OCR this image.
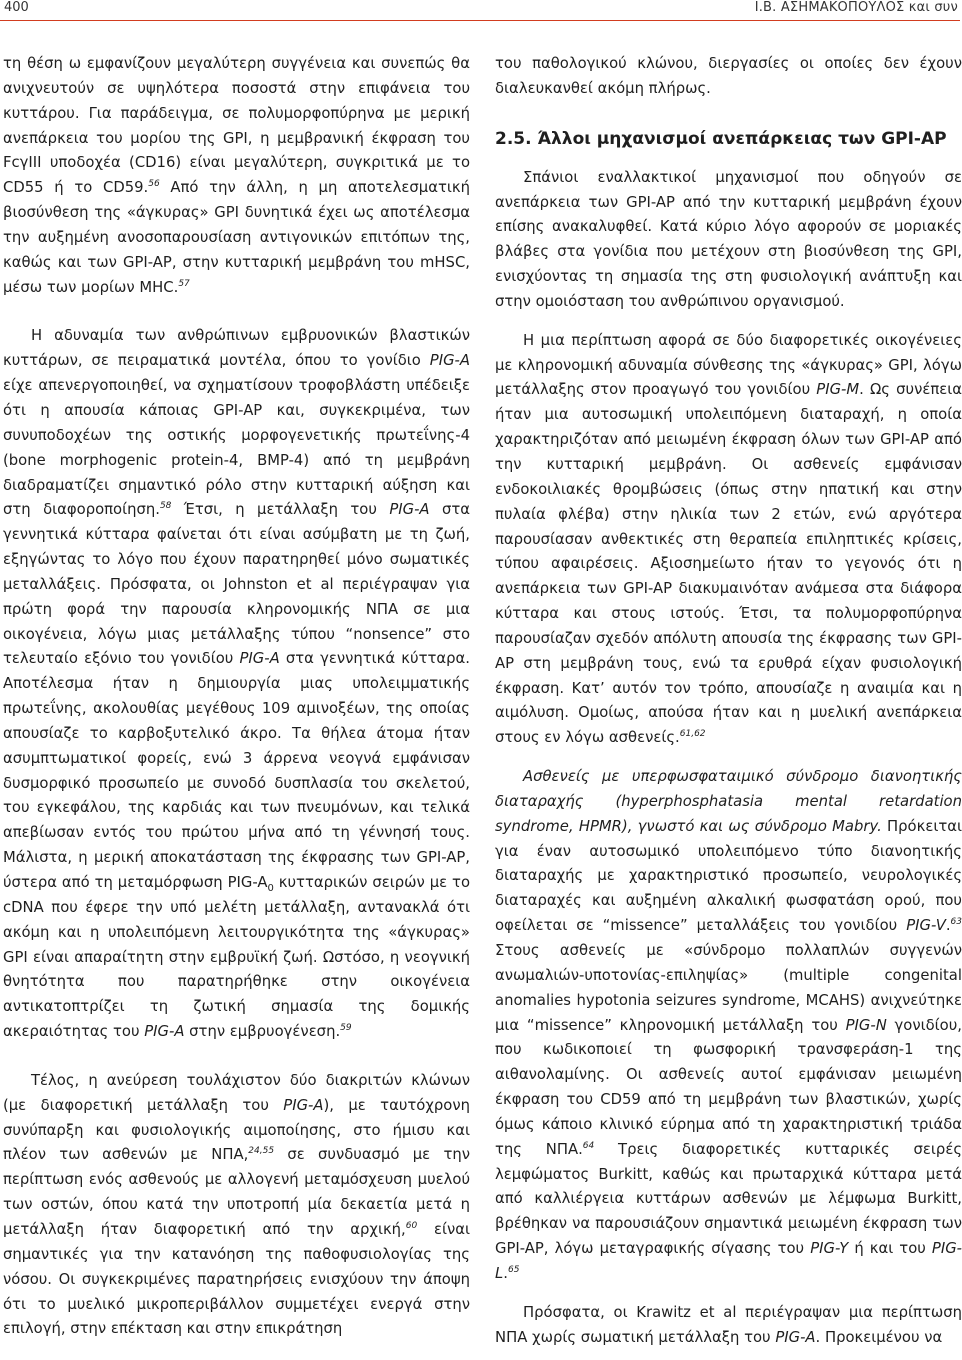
400	Ι.Β. ΑΣΗΜΑΚΟΠΟΥΛΟΣ και συν

τη θέση ω εμφανίζουν μεγαλύτερη συγγένεια και συνεπώς θα ανιχνευτούν σε υψηλότερα ποσοστά στην επιφάνεια του κυττάρου. Για παράδειγμα, σε πολυμορφοπύρηνα με μερική ανεπάρκεια του μορίου της GPI, η μεμβρανική έκφραση του FcγIII υποδοχέα (CD16) είναι μεγαλύτερη, συγκριτικά με το CD55 ή το CD59.56 Από την άλλη, η μη αποτελεσματική βιοσύνθεση της «άγκυρας» GPI δυνητικά έχει ως αποτέλεσμα την αυξημένη ανοσοπαρουσίαση αντιγονικών επιτόπων της, καθώς και των GPI-AP, στην κυτταρική μεμβράνη του mHSC, μέσω των μορίων MHC.$^{57}$

Η αδυναμία των ανθρώπινων εμβρυονικών βλαστικών κυττάρων, σε πειραματικά μοντέλα, όπου το γονίδιο PIG-A είχε απενεργοποιηθεί, να σχηματίσουν τροφοβλάστη υπέδειξε ότι η απουσία κάποιας GPI-AP και, συγκεκριμένα, των συνυποδοχέων της οστικής μορφογενετικής πρωτεΐνης-4 (bone morphogenic protein-4, BMP-4) από τη μεμβράνη διαδραματίζει σημαντικό ρόλο στην κυτταρική αύξηση και στη διαφοροποίηση.$^{58}$ Έτσι, η μετάλλαξη του PIG-A στα γεννητικά κύτταρα φαίνεται ότι είναι ασύμβατη με τη ζωή, εξηγώντας το λόγο που έχουν παρατηρηθεί μόνο σωματικές μεταλλάξεις. Πρόσφατα, οι Johnston et al περιέγραψαν για πρώτη φορά την παρουσία κληρονομικής ΝΠΑ σε μια οικογένεια, λόγω μιας μετάλλαξης τύπου “nonsence” στο τελευταίο εξόνιο του γονιδίου PIG-A στα γεννητικά κύτταρα. Αποτέλεσμα ήταν η δημιουργία μιας υπολειμματικής πρωτεΐνης, ακολουθίας μεγέθους 109 αμινοξέων, της οποίας απουσίαζε το καρβοξυτελικό άκρο. Τα θήλεα άτομα ήταν ασυμπτωματικοί φορείς, ενώ 3 άρρενα νεογνά εμφάνισαν δυσμορφικό προσωπείο με συνοδό δυσπλασία του σκελετού, του εγκεφάλου, της καρδιάς και των πνευμόνων, και τελικά απεβίωσαν εντός του πρώτου μήνα από τη γέννησή τους. Μάλιστα, η μερική αποκατάσταση της έκφρασης των GPI-AP, ύστερα από τη μεταμόρφωση PIG-$A_0$ κυτταρικών σειρών με το cDNA που έφερε την υπό μελέτη μετάλλαξη, αντανακλά ότι ακόμη και η υπολειπόμενη λειτουργικότητα της «άγκυρας» GPI είναι απαραίτητη στην εμβρυϊκή ζωή. Ωστόσο, η νεογνική θνητότητα που παρατηρήθηκε στην οικογένεια αντικατοπτρίζει τη ζωτική σημασία της δομικής ακεραιότητας του PIG-A στην εμβρυογένεση.$^{59}$

Τέλος, η ανεύρεση τουλάχιστον δύο διακριτών κλώνων (με διαφορετική μετάλλαξη του PIG-A), με ταυτόχρονη συνύπαρξη και φυσιολογικής αιμοποίησης, στο ήμισυ και πλέον των ασθενών με ΝΠΑ,$^{24,55}$ σε συνδυασμό με την περίπτωση ενός ασθενούς με αλλογενή μεταμόσχευση μυελού των οστών, όπου κατά την υποτροπή μία δεκαετία μετά η μετάλλαξη ήταν διαφορετική από την αρχική,$^{60}$ είναι σημαντικές για την κατανόηση της παθοφυσιολογίας της νόσου. Οι συγκεκριμένες παρατηρήσεις ενισχύουν την άποψη ότι το μυελικό μικροπεριβάλλον συμμετέχει ενεργά στην επιλογή, στην επέκταση και στην επικράτηση

του παθολογικού κλώνου, διεργασίες οι οποίες δεν έχουν διαλευκανθεί ακόμη πλήρως.

2.5. Άλλοι μηχανισμοί ανεπάρκειας των GPI-AP

Σπάνιοι εναλλακτικοί μηχανισμοί που οδηγούν σε ανεπάρκεια των GPI-AP από την κυτταρική μεμβράνη έχουν επίσης ανακαλυφθεί. Κατά κύριο λόγο αφορούν σε μοριακές βλάβες στα γονίδια που μετέχουν στη βιοσύνθεση της GPI, ενισχύοντας τη σημασία της στη φυσιολογική ανάπτυξη και στην ομοιόσταση του ανθρώπινου οργανισμού.

Η μια περίπτωση αφορά σε δύο διαφορετικές οικογένειες με κληρονομική αδυναμία σύνθεσης της «άγκυρας» GPI, λόγω μετάλλαξης στον προαγωγό του γονιδίου PIG-M. Ως συνέπεια ήταν μια αυτοσωμική υπολειπόμενη διαταραχή, η οποία χαρακτηριζόταν από μειωμένη έκφραση όλων των GPI-AP από την κυτταρική μεμβράνη. Οι ασθενείς εμφάνισαν ενδοκοιλιακές θρομβώσεις (όπως στην ηπατική και στην πυλαία φλέβα) στην ηλικία των 2 ετών, ενώ αργότερα παρουσίασαν ανθεκτικές στη θεραπεία επιληπτικές κρίσεις, τύπου αφαιρέσεις. Αξιοσημείωτο ήταν το γεγονός ότι η ανεπάρκεια των GPI-AP διακυμαινόταν ανάμεσα στα διάφορα κύτταρα και στους ιστούς. Έτσι, τα πολυμορφοπύρηνα παρουσίαζαν σχεδόν απόλυτη απουσία της έκφρασης των GPI-AP στη μεμβράνη τους, ενώ τα ερυθρά είχαν φυσιολογική έκφραση. Κατ’ αυτόν τον τρόπο, απουσίαζε η αναιμία και η αιμόλυση. Ομοίως, απούσα ήταν και η μυελική ανεπάρκεια στους εν λόγω ασθενείς.$^{61,62}$

Ασθενείς με υπερφωσφαταιμικό σύνδρομο διανοητικής διαταραχής (hyperphosphatasia mental retardation syndrome, HPMR), γνωστό και ως σύνδρομο Mabry. Πρόκειται για έναν αυτοσωμικό υπολειπόμενο τύπο διανοητικής διαταραχής με χαρακτηριστικό προσωπείο, νευρολογικές διαταραχές και αυξημένη αλκαλική φωσφατάση ορού, που οφείλεται σε “missence” μεταλλάξεις του γονιδίου PIG-V.$^{63}$ Στους ασθενείς με «σύνδρομο πολλαπλών συγγενών ανωμαλιών-υποτονίας-επιληψίας» (multiple congenital anomalies hypotonia seizures syndrome, MCAHS) ανιχνεύτηκε μια “missence” κληρονομική μετάλλαξη του PIG-N γονιδίου, που κωδικοποιεί τη φωσφορική τρανσφεράση-1 της αιθανολαμίνης. Οι ασθενείς αυτοί εμφάνισαν μειωμένη έκφραση του CD59 από τη μεμβράνη των βλαστικών, χωρίς όμως κάποιο κλινικό εύρημα από τη χαρακτηριστική τριάδα της ΝΠΑ.$^{64}$ Τρεις διαφορετικές κυτταρικές σειρές λεμφώματος Burkitt, καθώς και πρωταρχικά κύτταρα μετά από καλλιέργεια κυττάρων ασθενών με λέμφωμα Burkitt, βρέθηκαν να παρουσιάζουν σημαντικά μειωμένη έκφραση των GPI-AP, λόγω μεταγραφικής σίγασης του PIG-Y ή και του PIG-L.$^{65}$

Πρόσφατα, οι Krawitz et al περιέγραψαν μια περίπτωση ΝΠΑ χωρίς σωματική μετάλλαξη του PIG-A. Προκειμένου να
